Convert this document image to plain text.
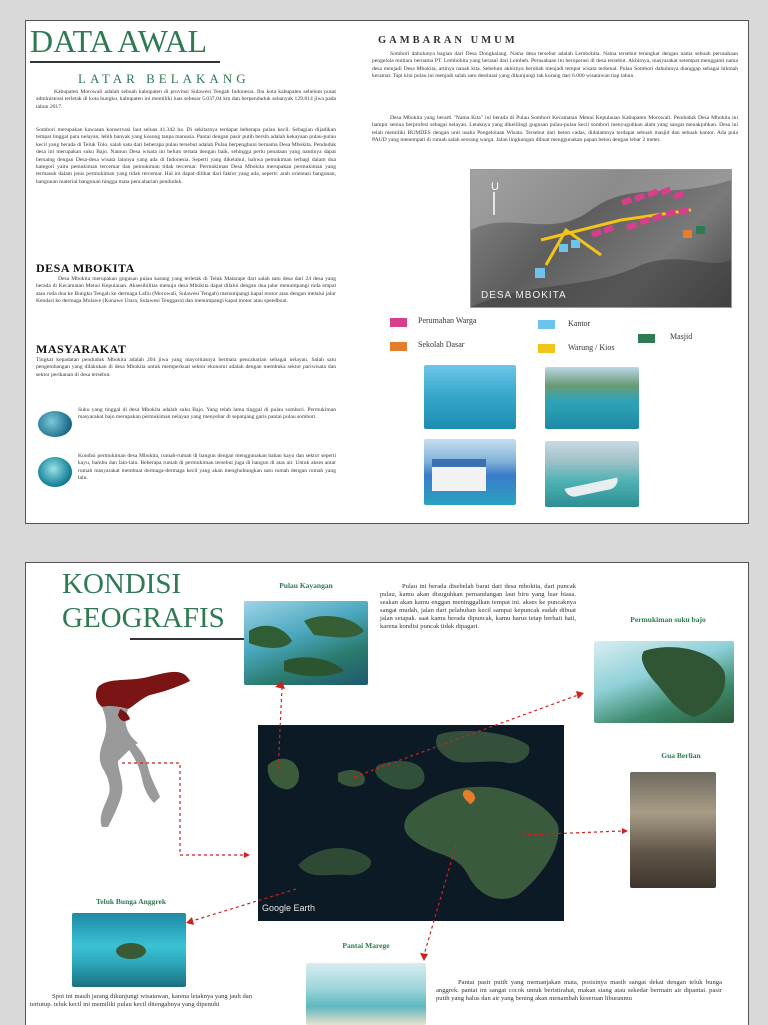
DATA AWAL
LATAR BELAKANG
Kabupaten Morowali adalah sebuah kabupaten di provinsi Sulawesi Tengah Indonesia. Ibu kota kabupaten sebelum pusat administrasi terletak di kota bungku. kabupaten ini memiliki luas sebesar 5.037,04 km dan berpenduduk sebanyak 129.814 jiwa pada tahun 2017.
Sombori merupakan kawasan konservasi laut seluas 41.342 ha. Di sekitarnya terdapat beberapa pulau kecil. Sebagian dijadikan tempat tinggal para nelayan, lebih banyak yang kosong tanpa manusia. Pantai dengan pasir putih bersih adalah kekayaan pulau-pulau kecil yang berada di Teluk Tolo. salah satu dari beberapa pulau tersebut adalah Pulau berpenghuni bernama Desa Mbokita. Penduduk desa ini merupakan suku Bajo. Namun Desa wisata ini belum tertata dengan baik, sehingga perlu penataan yang nantinya dapat bersaing dengan Desa-desa wisata lainnya yang ada di Indonesia. Seperti yang diketahui, bahwa pemukiman terbagi dalam dua kategori yaitu pemukiman tercemar dan pemukiman tidak tercemar. Permukiman Desa Mbokita merupakan permukiman yang termasuk dalam jenis permukiman yang tidak tercemar. Hal ini dapat dilihat dari faktor yang ada, seperti: arah orientasi bangunan, bangunan material bangunan hingga mata pencaharian penduduk.
DESA MBOKITA
Desa Mbokita merupakan gugusan pulau karang yang terletak di Teluk Matarape dari salah satu desa dari 24 desa yang berada di Kecamatan Menui Kepulauan. Aksesibilitas menuju desa Mbokita dapat dilalui dengan dua jalur menumpangi roda empat atau roda dua ke Bungku Tengah ke dermaga Lafiu (Morowali, Sulawesi Tengah) menumpangi kapal motor atau dengan melalui jalur Kendari ke dermaga Molawe (Konawe Utara, Sulawesi Tenggara) dan menumpangi kapal motor atau speedboat.
MASYARAKAT
Tingkat kepadatan penduduk Mbokita adalah 204 jiwa yang mayoritasnya bermata pencaharian sebagai nelayan. Salah satu pengembangan yang dilakukan di desa Mbokita untuk memperkuat sektor ekonomi adalah dengan membuka sektor pariwisata dan sektor perikanan di desa tersebut.
Suku yang tinggal di desa Mbokita adalah suku Bajo. Yang telah lama tinggal di pulau sombori. Permukiman masyarakat bajo merupakan permukiman nelayan yang menyebar di sepanjang garis pantai pulau sombori.
Kondisi permukiman desa Mbokita, rumah-rumah di bangun dengan menggunakan bahan kayu dan sektor seperti kayu, bambu dan lain-lain. Beberapa rumah di permukiman tersebut juga di bangun di atas air. Untuk akses antar rumah masyarakat membuat dermaga-dermaga kecil yang akan menghubungkan satu rumah dengan rumah yang lain.
GAMBARAN UMUM
Sombori dahulunya bagian dari Desa Dongkalang. Nama desa tersebut adalah Lembobita. Nama tersebut terangkat dengan nama sebuah perusahaan pengelola mutiara bernama PT. Lembobita yang berasal dari Lembeh. Perusahaan itu beroperasi di desa tersebut. Akhirnya, masyarakat setempat mengganti nama desa menjadi Desa Mbokita, artinya nanah kita. Sebelum akhirnya berubah menjadi tempat wisata terkenal. Pulau Sombori dahulunya dianggap sebagai hikmah keramat. Tapi kini pulau ini menjadi salah satu destinasi yang dikunjungi tak kurang dari 6.000 wisatawan tiap tahun.
Desa Mbokita yang berarti "Nama Kita" ini berada di Pulau Sombori Kecamatan Menui Kepulauan Kabupaten Morowali. Penduduk Desa Mbokita ini hampir semua berprofesi sebagai nelayan. Letaknya yang dikelilingi gugusan pulau-pulau kecil sombori menyuguhkan alam yang sangat menakjubkan. Desa ini telah memiliki BUMDES dengan unit usaha Pengelolaan Wisata. Tersebut dari beton cadas, didalamnya terdapat sebuah masjid dan sebuah kantor. Ada pula PAUD yang menempati di rumah salah seorang warga. Jalan lingkungan dibuat menggunakan papan beton dengan lebar 2 meter.
U
DESA MBOKITA
Perumahan Warga	Kantor
Masjid
Sekolah Dasar	Warung / Kios
KONDISI
GEOGRAFIS
Google Earth
Pulau Kayangan	Pulau ini berada disebelah barat dari desa mbokita, dari puncak pulau, kamu akan disuguhkan pemandangan laut biru yang luar biasa. seakan akan kamu enggan meninggalkan tempat ini. akses ke puncaknya sangat mudah, jalan dari pelabuhan kecil sampai kepuncak sudah dibuat jalan setapak. saat kamu berada dipuncak, kamu harus tetap berhati hati, karena kondisi puncak tidak dipagari.
Permukiman suku bajo
Gua Berlian
Teluk Bunga Anggrek
Spot ini masih jarang dikunjungi wisatawan, karena letaknya yang jauh dan tertutup. teluk kecil ini memiliki pulau kecil ditengahnya yang dipenuhi
Pantai Marege
Pantai pasir putih yang memanjakan mata, posisinya masih sangat dekat dengan teluk bunga anggrek. pantai ini sangat cocok untuk beristirahat, makan siang atau sekedar bermain air dipantai. pasir putih yang halus dan air yang bening akan menambah keseruan liburanmu
